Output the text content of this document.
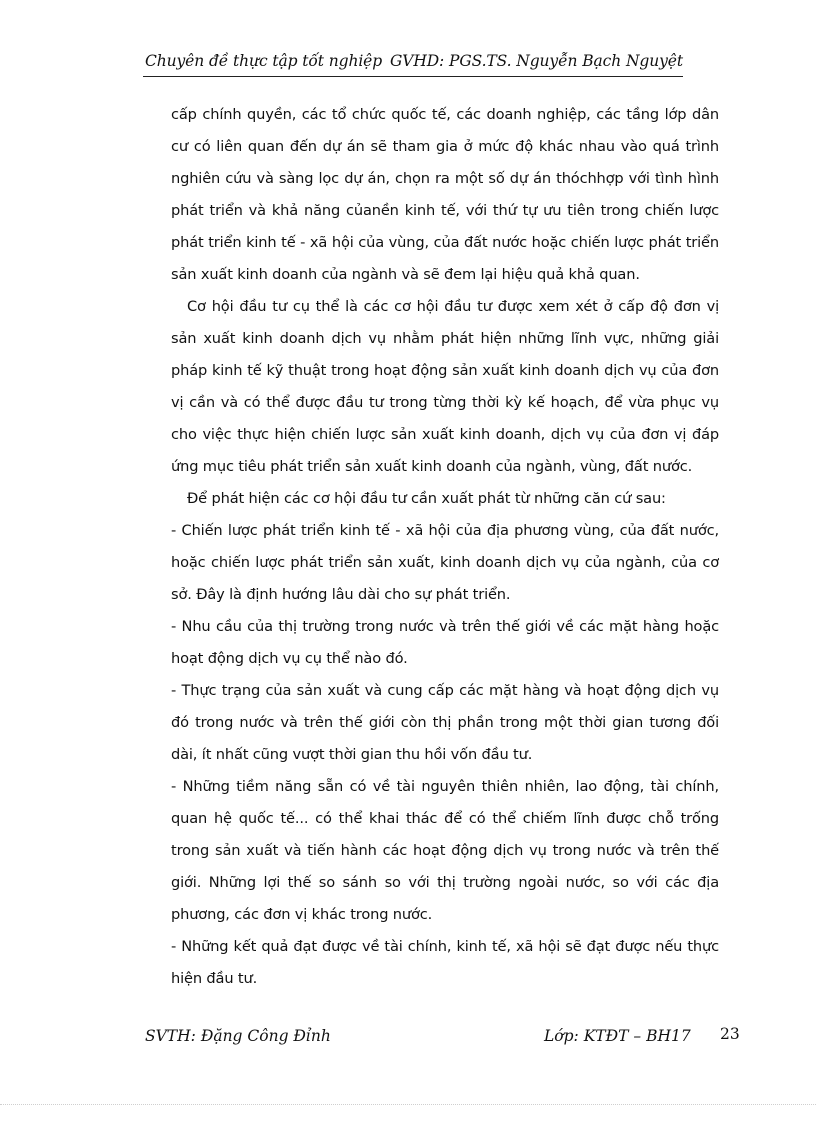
Chuyên đề thực tập tốt nghiệp GVHD: PGS.TS. Nguyễn Bạch Nguyệt

cấp chính quyền, các tổ chức quốc tế, các doanh nghiệp, các tầng lớp dân cư có liên quan đến dự án sẽ tham gia ở mức độ khác nhau vào quá trình nghiên cứu và sàng lọc dự án, chọn ra một số dự án thóchhợp với tình hình phát triển và khả năng củanền kinh tế, với thứ tự ưu tiên trong chiến lược phát triển kinh tế - xã hội của vùng, của đất nước hoặc chiến lược phát triển sản xuất kinh doanh của ngành và sẽ đem lại hiệu quả khả quan.

Cơ hội đầu tư cụ thể là các cơ hội đầu tư được xem xét ở cấp độ đơn vị sản xuất kinh doanh dịch vụ nhằm phát hiện những lĩnh vực, những giải pháp kinh tế kỹ thuật trong hoạt động sản xuất kinh doanh dịch vụ của đơn vị cần và có thể được đầu tư trong từng thời kỳ kế hoạch, để vừa phục vụ cho việc thực hiện chiến lược sản xuất kinh doanh, dịch vụ của đơn vị đáp ứng mục tiêu phát triển sản xuất kinh doanh của ngành, vùng, đất nước.

Để phát hiện các cơ hội đầu tư cần xuất phát từ những căn cứ sau:

- Chiến lược phát triển kinh tế - xã hội của địa phương vùng, của đất nước, hoặc chiến lược phát triển sản xuất, kinh doanh dịch vụ của ngành, của cơ sở. Đây là định hướng lâu dài cho sự phát triển.

- Nhu cầu của thị trường trong nước và trên thế giới về các mặt hàng hoặc hoạt động dịch vụ cụ thể nào đó.

- Thực trạng của sản xuất và cung cấp các mặt hàng và hoạt động dịch vụ đó trong nước và trên thế giới còn thị phần trong một thời gian tương đối dài, ít nhất cũng vượt thời gian thu hồi vốn đầu tư.

- Những tiềm năng sẵn có về tài nguyên thiên nhiên, lao động, tài chính, quan hệ quốc tế... có thể khai thác để có thể chiếm lĩnh được chỗ trống trong sản xuất và tiến hành các hoạt động dịch vụ trong nước và trên thế giới. Những lợi thế so sánh so với thị trường ngoài nước, so với các địa phương, các đơn vị khác trong nước.

- Những kết quả đạt được về tài chính, kinh tế, xã hội sẽ đạt được nếu thực hiện đầu tư.

SVTH: Đặng Công Đỉnh	Lớp: KTĐT – BH17 23
